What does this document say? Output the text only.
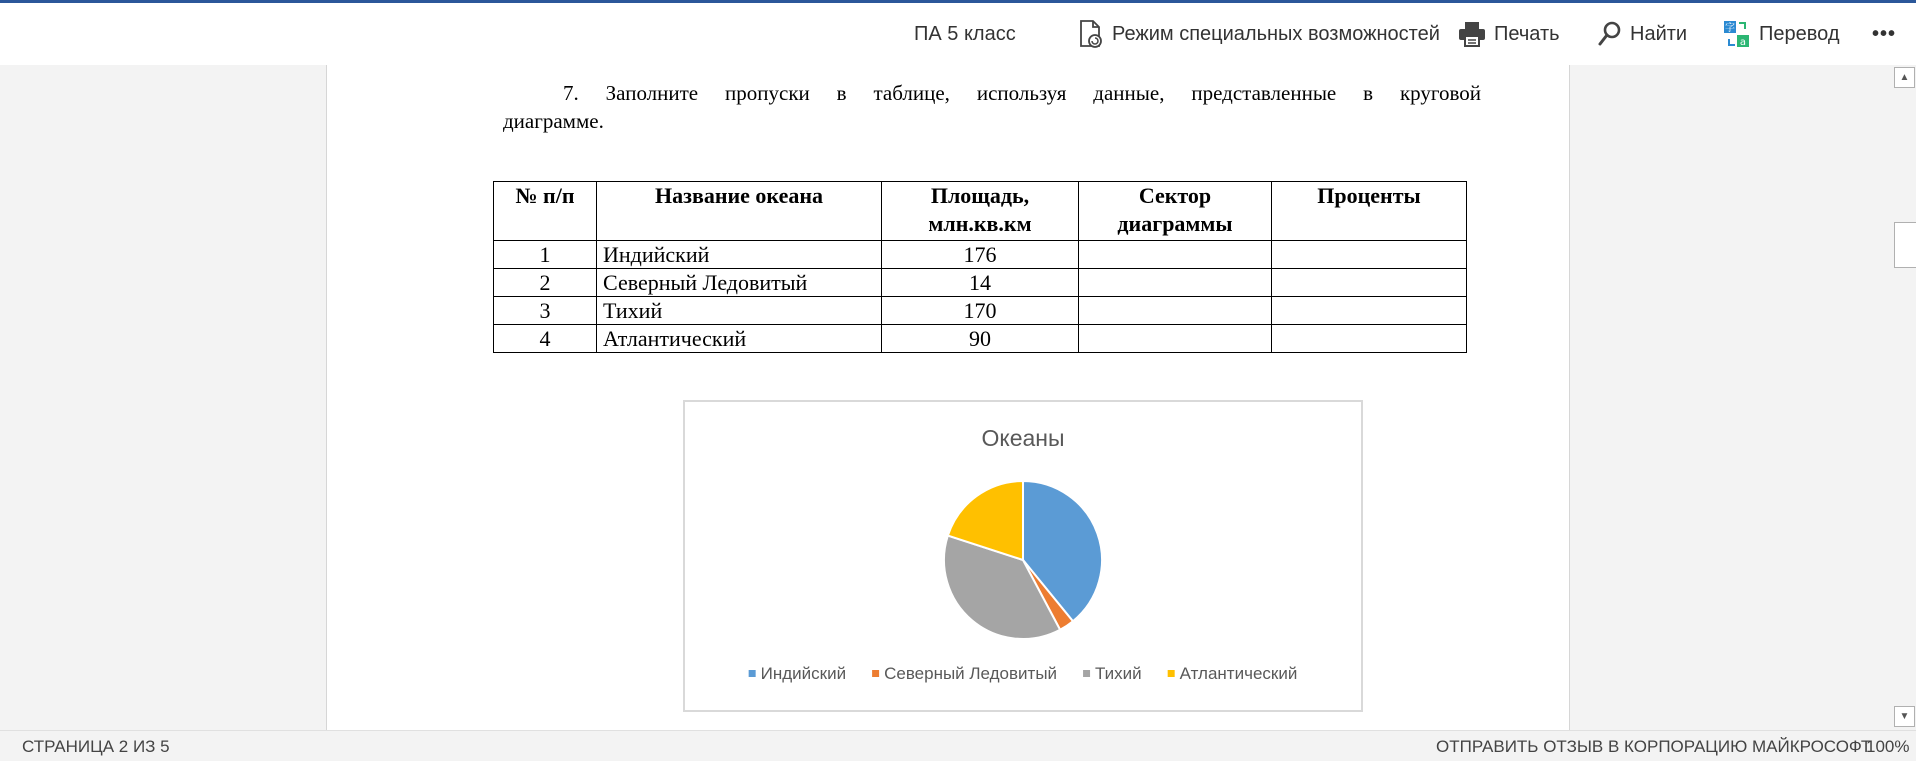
ПА 5 класс	Режим специальных возможностей	Печать	Найти	字
a Перевод •••
7. Заполните пропуски в таблице, используя данные, представленные в круговой
диаграмме.
№ п/п	Название океана	Площадь, млн.кв.км	Сектор диаграммы	Проценты
1	Индийский	176		
2	Северный Ледовитый	14		
3	Тихий	170		
4	Атлантический	90		
Океаны
Индийский Северный Ледовитый Тихий Атлантический
▲
▼
СТРАНИЦА 2 ИЗ 5	ОТПРАВИТЬ ОТЗЫВ В КОРПОРАЦИЮ МАЙКРОСОФТ
100%
